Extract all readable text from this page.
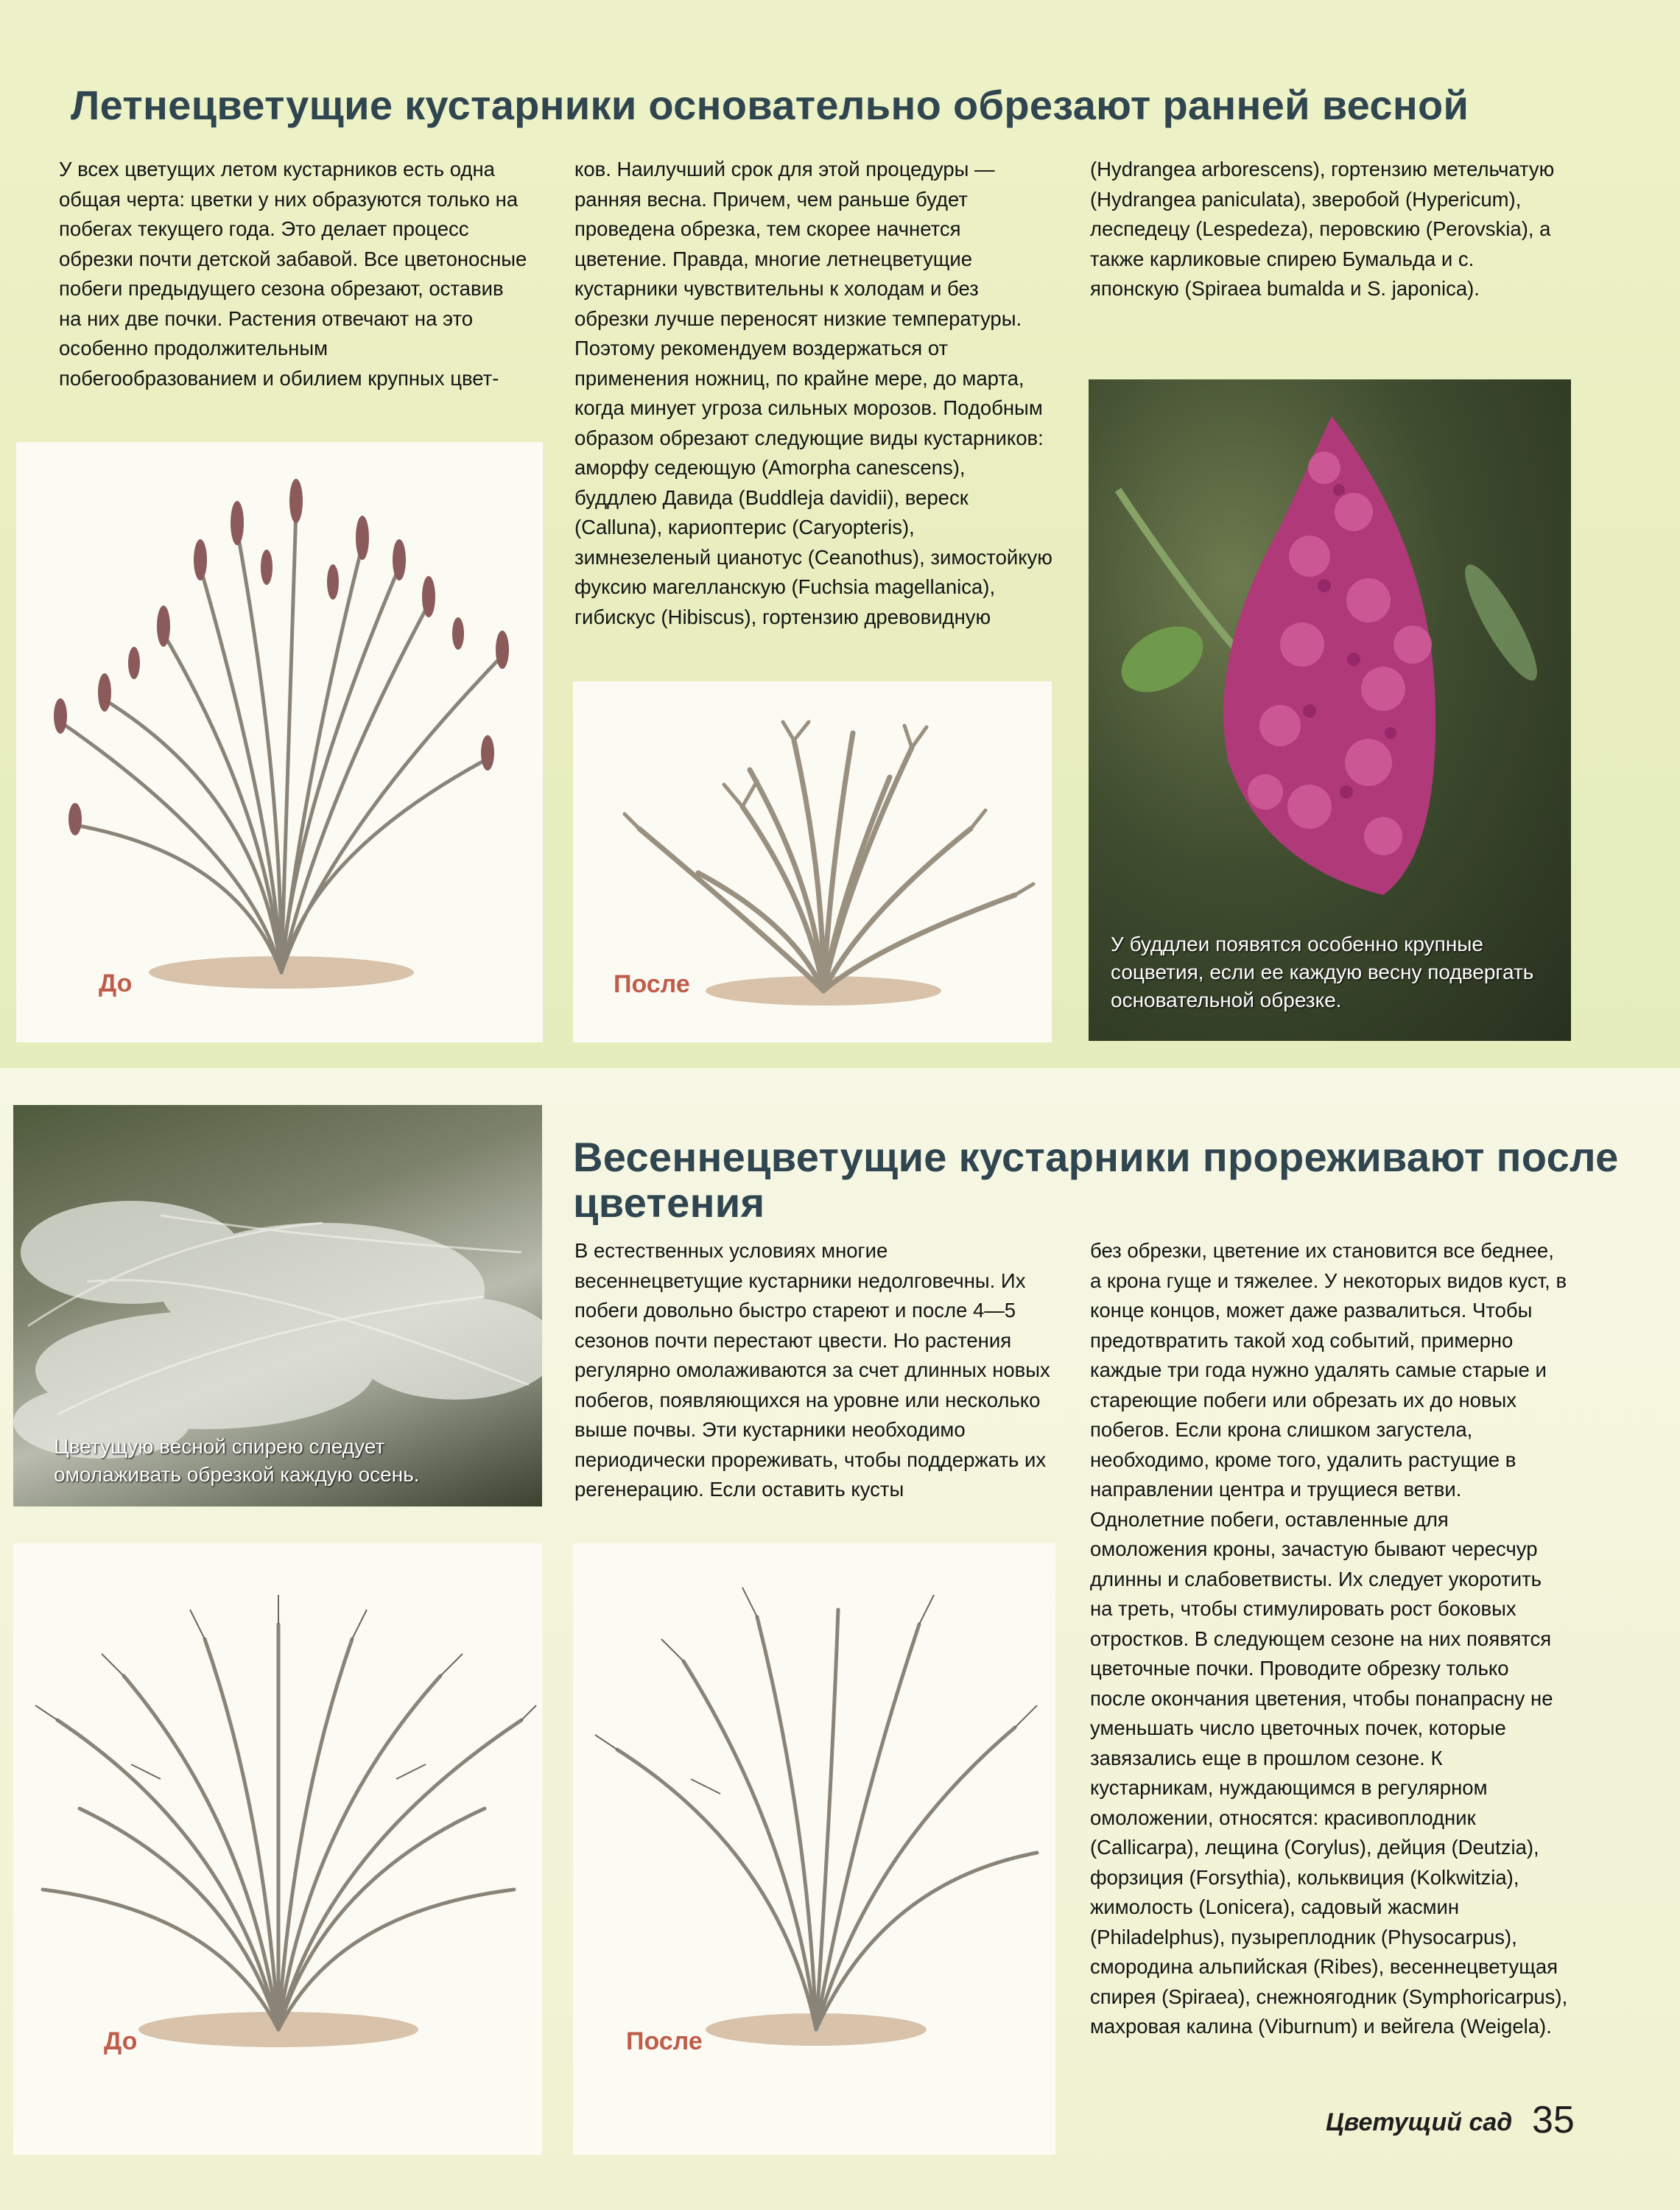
Летнецветущие кустарники основательно обрезают ранней весной

У всех цветущих летом кустарников есть одна общая черта: цветки у них образуются только на побегах текущего года. Это делает процесс обрезки почти детской забавой. Все цветоносные побеги предыдущего сезона обрезают, оставив на них две почки. Растения отвечают на это особенно продолжительным побегообразованием и обилием крупных цвет-

ков. Наилучший срок для этой процедуры — ранняя весна. Причем, чем раньше будет проведена обрезка, тем скорее начнется цветение. Правда, многие летнецветущие кустарники чувствительны к холодам и без обрезки лучше переносят низкие температуры. Поэтому рекомендуем воздержаться от применения ножниц, по крайне мере, до марта, когда минует угроза сильных морозов. Подобным образом обрезают следующие виды кустарников: аморфу седеющую (Amorpha canescens), буддлею Давида (Buddleja davidii), вереск (Calluna), кариоптерис (Caryopteris), зимнезеленый цианотус (Ceanothus), зимостойкую фуксию магелланскую (Fuchsia magellanica), гибискус (Hibiscus), гортензию древовидную

(Hydrangea arborescens), гортензию метельчатую (Hydrangea paniculata), зверобой (Hypericum), леспедецу (Lespedeza), перовскию (Perovskia), а также карликовые спирею Бумальда и с. японскую (Spiraea bumalda и S. japonica).

До	После
У буддлеи появятся особенно крупные соцветия, если ее каждую весну подвергать основательной обрезке.
Цветущую весной спирею следует омолаживать обрезкой каждую осень.
Весеннецветущие кустарники прореживают после цветения

В естественных условиях многие весеннецветущие кустарники недолговечны. Их побеги довольно быстро стареют и после 4—5 сезонов почти перестают цвести. Но растения регулярно омолаживаются за счет длинных новых побегов, появляющихся на уровне или несколько выше почвы. Эти кустарники необходимо периодически прореживать, чтобы поддержать их регенерацию. Если оставить кусты

без обрезки, цветение их становится все беднее, а крона гуще и тяжелее. У некоторых видов куст, в конце концов, может даже развалиться. Чтобы предотвратить такой ход событий, примерно каждые три года нужно удалять самые старые и стареющие побеги или обрезать их до новых побегов. Если крона слишком загустела, необходимо, кроме того, удалить растущие в направлении центра и трущиеся ветви. Однолетние побеги, оставленные для омоложения кроны, зачастую бывают чересчур длинны и слабоветвисты. Их следует укоротить на треть, чтобы стимулировать рост боковых отростков. В следующем сезоне на них появятся цветочные почки. Проводите обрезку только после окончания цветения, чтобы понапрасну не уменьшать число цветочных почек, которые завязались еще в прошлом сезоне. К кустарникам, нуждающимся в регулярном омоложении, относятся: красивоплодник (Callicarpa), лещина (Corylus), дейция (Deutzia), форзиция (Forsythia), кольквиция (Kolkwitzia), жимолость (Lonicera), садовый жасмин (Philadelphus), пузыреплодник (Physocarpus), смородина альпийская (Ribes), весеннецветущая спирея (Spiraea), снежноягодник (Symphoricarpus), махровая калина (Viburnum) и вейгела (Weigela).

До	После
Цветущий сад 35
